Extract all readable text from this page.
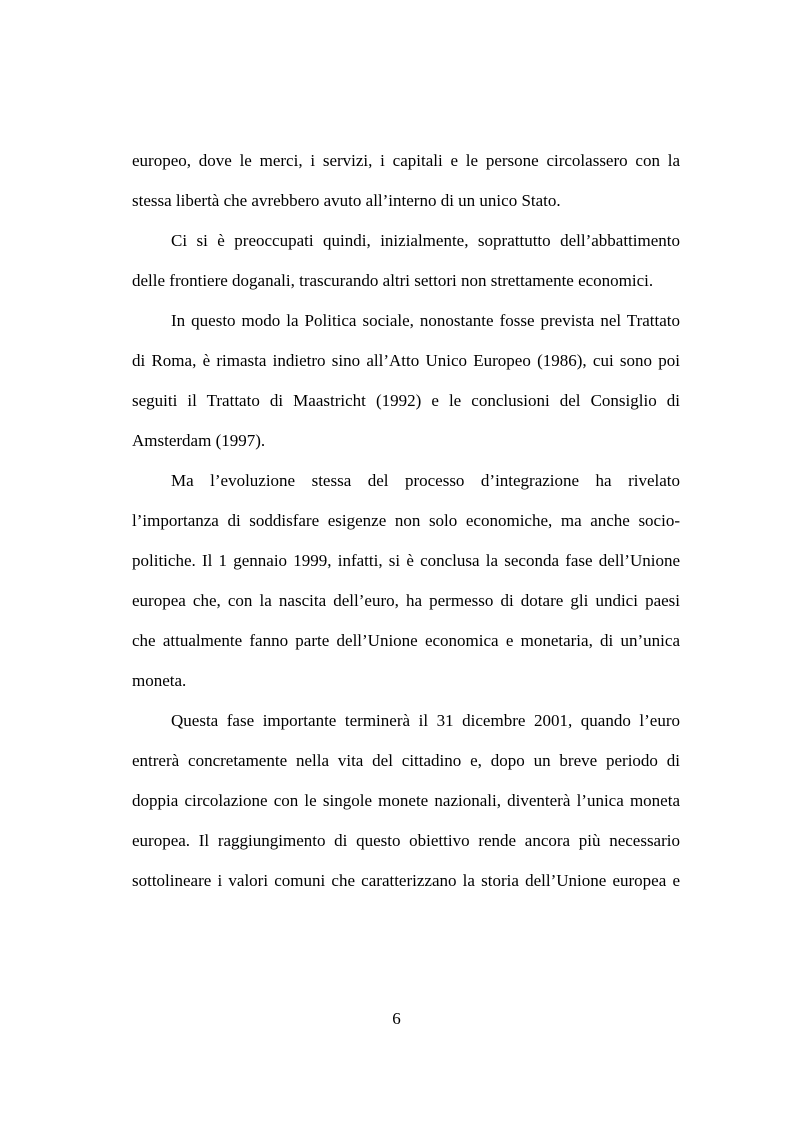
europeo, dove le merci, i servizi, i capitali e le persone circolassero con la
stessa libertà che avrebbero avuto all’interno di un unico Stato.
Ci si è preoccupati quindi, inizialmente, soprattutto dell’abbattimento
delle frontiere doganali, trascurando altri settori non strettamente economici.
In questo modo la Politica sociale, nonostante fosse prevista nel Trattato
di Roma, è rimasta indietro sino all’Atto Unico Europeo (1986), cui sono poi
seguiti il Trattato di Maastricht (1992) e le conclusioni del Consiglio di
Amsterdam (1997).
Ma l’evoluzione stessa del processo d’integrazione ha rivelato
l’importanza di soddisfare esigenze non solo economiche, ma anche socio-
politiche. Il 1 gennaio 1999, infatti, si è conclusa la seconda fase dell’Unione
europea che, con la nascita dell’euro, ha permesso di dotare gli undici paesi
che attualmente fanno parte dell’Unione economica e monetaria, di un’unica
moneta.
Questa fase importante terminerà il 31 dicembre 2001, quando l’euro
entrerà concretamente nella vita del cittadino e, dopo un breve periodo di
doppia circolazione con le singole monete nazionali, diventerà l’unica moneta
europea. Il raggiungimento di questo obiettivo rende ancora più necessario
sottolineare i valori comuni che caratterizzano la storia dell’Unione europea e
6
